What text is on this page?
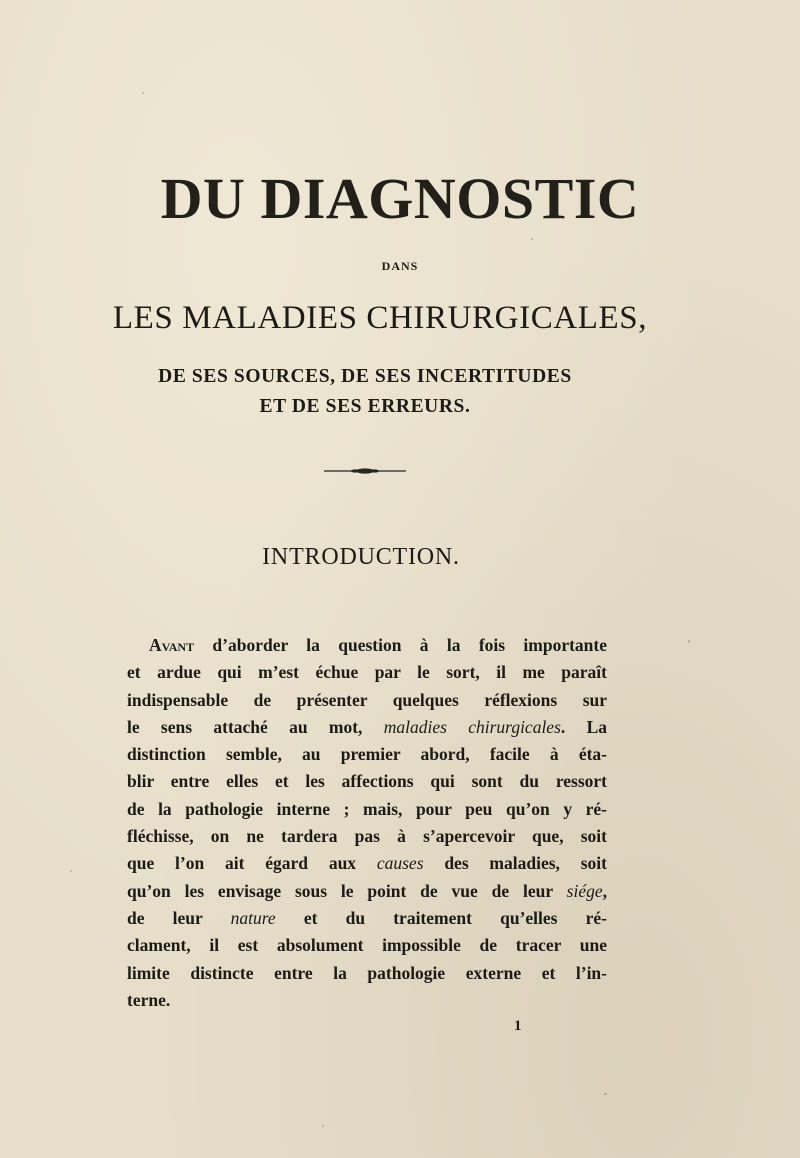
DU DIAGNOSTIC
DANS
LES MALADIES CHIRURGICALES,
DE SES SOURCES, DE SES INCERTITUDES
ET DE SES ERREURS.
INTRODUCTION.
Avant d’aborder la question à la fois importante
et ardue qui m’est échue par le sort, il me paraît
indispensable de présenter quelques réflexions sur
le sens attaché au mot, maladies chirurgicales. La
distinction semble, au premier abord, facile à éta-
blir entre elles et les affections qui sont du ressort
de la pathologie interne ; mais, pour peu qu’on y ré-
fléchisse, on ne tardera pas à s’apercevoir que, soit
que l’on ait égard aux causes des maladies, soit
qu’on les envisage sous le point de vue de leur siége,
de leur nature et du traitement qu’elles ré-
clament, il est absolument impossible de tracer une
limite distincte entre la pathologie externe et l’in-
terne.
1
